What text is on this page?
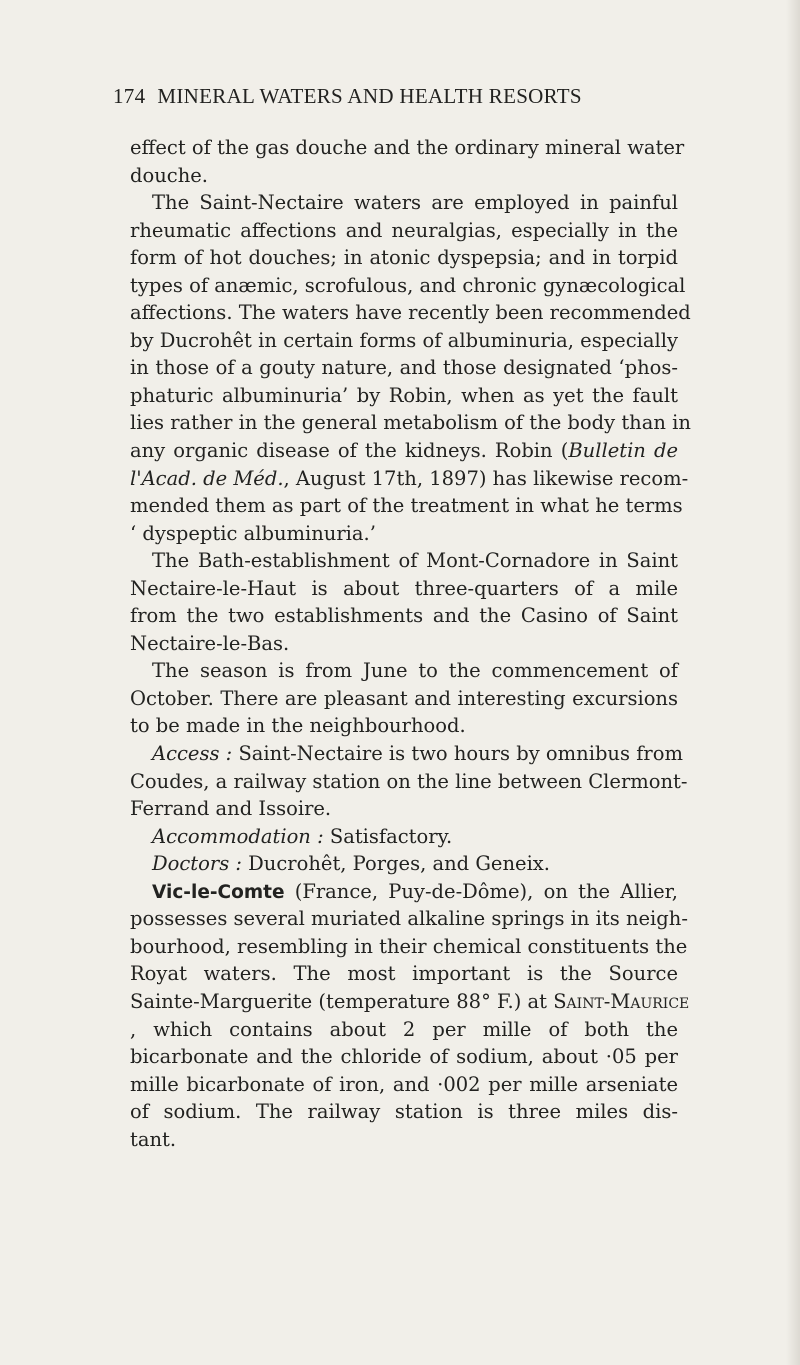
174 MINERAL WATERS AND HEALTH RESORTS
effect of the gas douche and the ordinary mineral water
douche.
The Saint-Nectaire waters are employed in painful
rheumatic affections and neuralgias, especially in the
form of hot douches; in atonic dyspepsia; and in torpid
types of anæmic, scrofulous, and chronic gynæcological
affections. The waters have recently been recommended
by Ducrohêt in certain forms of albuminuria, especially
in those of a gouty nature, and those designated ‘phos-
phaturic albuminuria’ by Robin, when as yet the fault
lies rather in the general metabolism of the body than in
any organic disease of the kidneys. Robin (Bulletin de
l'Acad. de Méd., August 17th, 1897) has likewise recom-
mended them as part of the treatment in what he terms
‘ dyspeptic albuminuria.’
The Bath-establishment of Mont-Cornadore in Saint
Nectaire-le-Haut is about three-quarters of a mile
from the two establishments and the Casino of Saint
Nectaire-le-Bas.
The season is from June to the commencement of
October. There are pleasant and interesting excursions
to be made in the neighbourhood.
Access : Saint-Nectaire is two hours by omnibus from
Coudes, a railway station on the line between Clermont-
Ferrand and Issoire.
Accommodation : Satisfactory.
Doctors : Ducrohêt, Porges, and Geneix.
Vic-le-Comte (France, Puy-de-Dôme), on the Allier,
possesses several muriated alkaline springs in its neigh-
bourhood, resembling in their chemical constituents the
Royat waters. The most important is the Source
Sainte-Marguerite (temperature 88° F.) at Saint-Maurice
, which contains about 2 per mille of both the
bicarbonate and the chloride of sodium, about ·05 per
mille bicarbonate of iron, and ·002 per mille arseniate
of sodium. The railway station is three miles dis-
tant.
